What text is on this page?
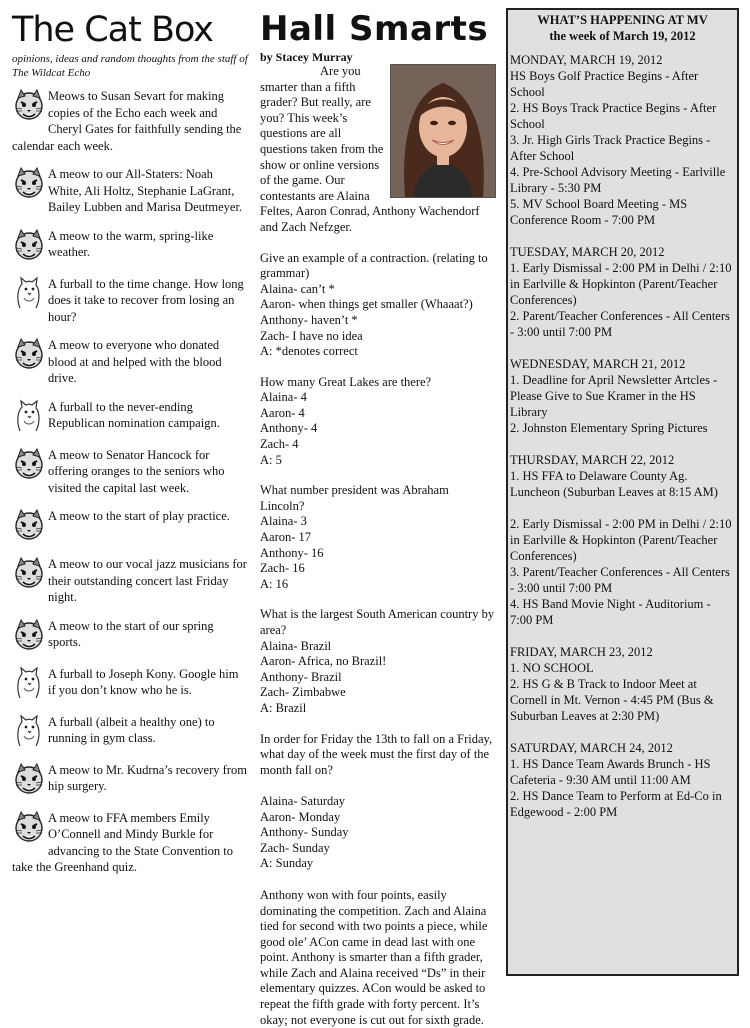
The Cat Box

opinions, ideas and random thoughts from the staff of The Wildcat Echo

Meows to Susan Sevart for making copies of the Echo each week and Cheryl Gates for faithfully sending the calendar each week.
A meow to our All-Staters: Noah White, Ali Holtz, Stephanie LaGrant, Bailey Lubben and Marisa Deutmeyer.
A meow to the warm, spring-like weather.
A furball to the time change. How long does it take to recover from losing an hour?
A meow to everyone who donated blood at and helped with the blood drive.
A furball to the never-ending Republican nomination campaign.
A meow to Senator Hancock for offering oranges to the seniors who visited the capital last week.
A meow to the start of play practice.
A meow to our vocal jazz musicians for their outstanding concert last Friday night.
A meow to the start of our spring sports.
A furball to Joseph Kony. Google him if you don’t know who he is.
A furball (albeit a healthy one) to running in gym class.
A meow to Mr. Kudrna’s recovery from hip surgery.
A meow to FFA members Emily O’Connell and Mindy Burkle for advancing to the State Convention to take the Greenhand quiz.
Hall Smarts

by Stacey Murray

Are you smarter than a fifth grader? But really, are you? This week’s questions are all questions taken from the show or online versions of the game. Our contestants are Alaina Feltes, Aaron Conrad, Anthony Wachendorf and Zach Nefzger.

Give an example of a contraction. (relating to grammar)

Alaina- can’t *

Aaron- when things get smaller (Whaaat?)

Anthony- haven’t *

Zach- I have no idea

A: *denotes correct

How many Great Lakes are there?

Alaina- 4

Aaron- 4

Anthony- 4

Zach- 4

A: 5

What number president was Abraham Lincoln?

Alaina- 3

Aaron- 17

Anthony- 16

Zach- 16

A: 16

What is the largest South American country by area?

Alaina- Brazil

Aaron- Africa, no Brazil!

Anthony- Brazil

Zach- Zimbabwe

A: Brazil

In order for Friday the 13th to fall on a Friday, what day of the week must the first day of the month fall on?

Alaina- Saturday

Aaron- Monday

Anthony- Sunday

Zach- Sunday

A: Sunday

Anthony won with four points, easily dominating the competition. Zach and Alaina tied for second with two points a piece, while good ole’ ACon came in dead last with one point. Anthony is smarter than a fifth grader, while Zach and Alaina received “Ds” in their elementary quizzes. ACon would be asked to repeat the fifth grade with forty percent. It’s okay; not everyone is cut out for sixth grade.

WHAT’S HAPPENING AT MV
the week of March 19, 2012

MONDAY, MARCH 19, 2012

HS Boys Golf Practice Begins - After School

2. HS Boys Track Practice Begins - After School

3. Jr. High Girls Track Practice Begins - After School

4. Pre-School Advisory Meeting - Earlville Library - 5:30 PM

5. MV School Board Meeting - MS Conference Room - 7:00 PM

TUESDAY, MARCH 20, 2012

1. Early Dismissal - 2:00 PM in Delhi / 2:10 in Earlville & Hopkinton (Parent/Teacher Conferences)

2. Parent/Teacher Conferences - All Centers - 3:00 until 7:00 PM

WEDNESDAY, MARCH 21, 2012

1. Deadline for April Newsletter Artcles - Please Give to Sue Kramer in the HS Library

2. Johnston Elementary Spring Pictures

THURSDAY, MARCH 22, 2012

1. HS FFA to Delaware County Ag. Luncheon (Suburban Leaves at 8:15 AM)

2. Early Dismissal - 2:00 PM in Delhi / 2:10 in Earlville & Hopkinton (Parent/Teacher Conferences)

3. Parent/Teacher Conferences - All Centers - 3:00 until 7:00 PM

4. HS Band Movie Night - Auditorium - 7:00 PM

FRIDAY, MARCH 23, 2012

1. NO SCHOOL

2. HS G & B Track to Indoor Meet at Cornell in Mt. Vernon - 4:45 PM (Bus & Suburban Leaves at 2:30 PM)

SATURDAY, MARCH 24, 2012

1. HS Dance Team Awards Brunch - HS Cafeteria - 9:30 AM until 11:00 AM

2. HS Dance Team to Perform at Ed-Co in Edgewood - 2:00 PM
